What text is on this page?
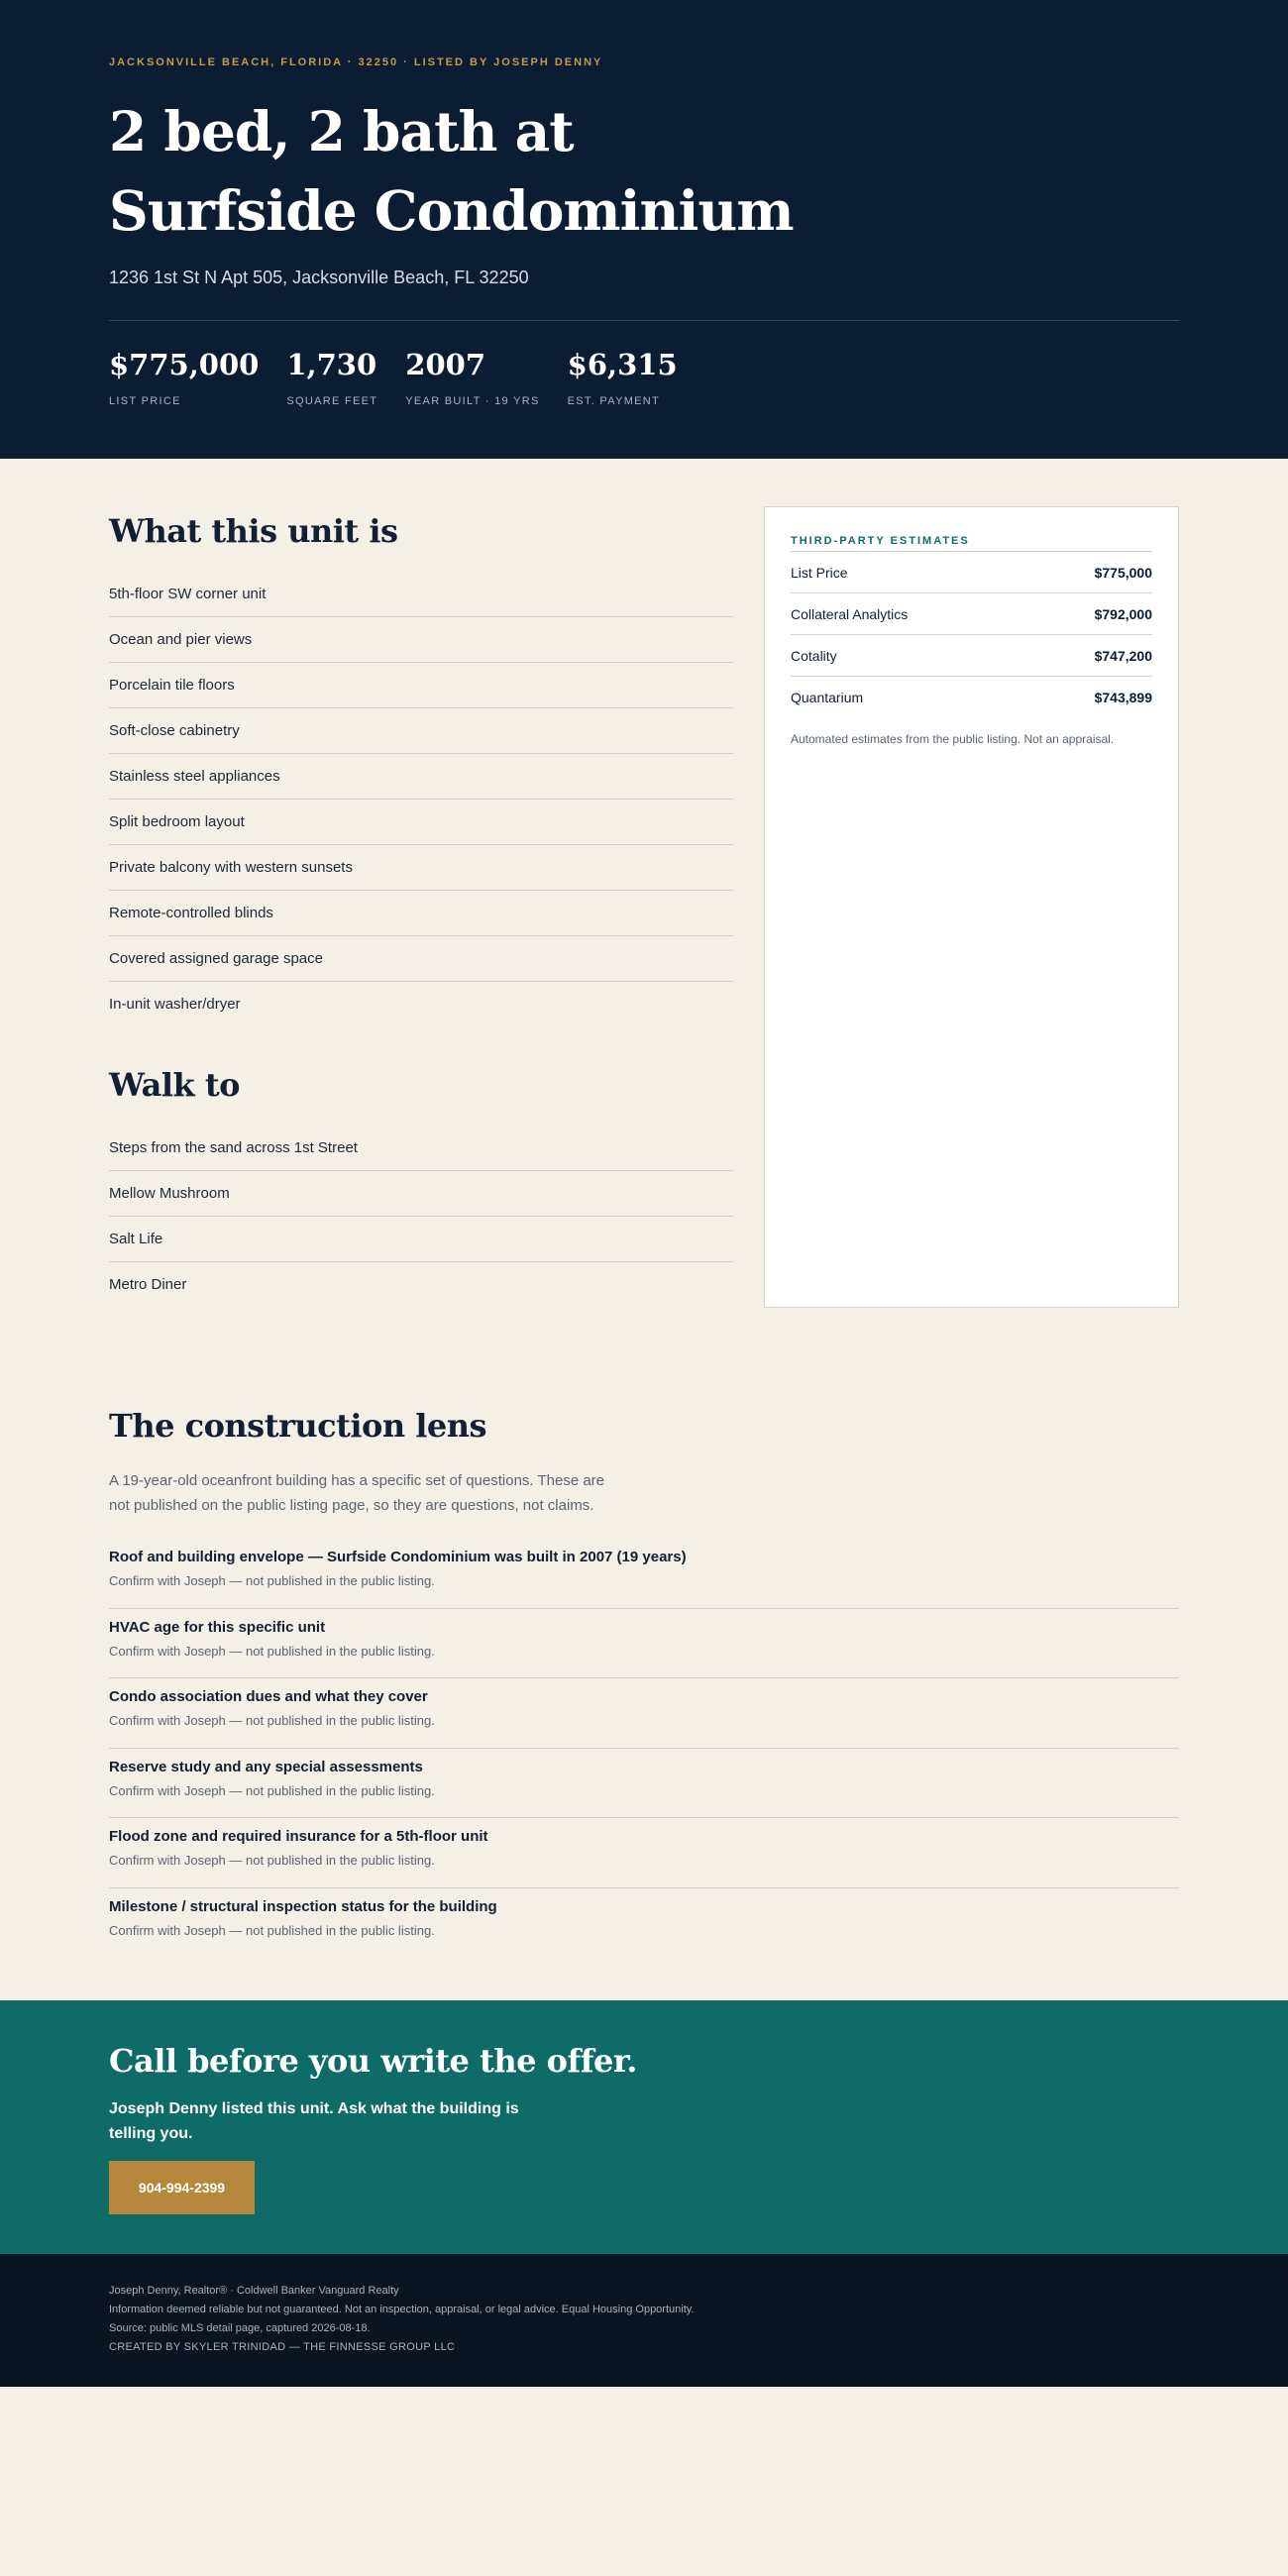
JACKSONVILLE BEACH, FLORIDA · 32250 · LISTED BY JOSEPH DENNY
2 bed, 2 bath at Surfside Condominium
1236 1st St N Apt 505, Jacksonville Beach, FL 32250
$775,000
LIST PRICE
1,730
SQUARE FEET
2007
YEAR BUILT · 19 YRS
$6,315
EST. PAYMENT
What this unit is
5th-floor SW corner unit
Ocean and pier views
Porcelain tile floors
Soft-close cabinetry
Stainless steel appliances
Split bedroom layout
Private balcony with western sunsets
Remote-controlled blinds
Covered assigned garage space
In-unit washer/dryer
Walk to
Steps from the sand across 1st Street
Mellow Mushroom
Salt Life
Metro Diner
THIRD-PARTY ESTIMATES
List Price	$775,000
Collateral Analytics	$792,000
Cotality	$747,200
Quantarium	$743,899

Automated estimates from the public listing. Not an appraisal.

The construction lens

A 19-year-old oceanfront building has a specific set of questions. These are not published on the public listing page, so they are questions, not claims.

Roof and building envelope — Surfside Condominium was built in 2007 (19 years)
Confirm with Joseph — not published in the public listing.
HVAC age for this specific unit
Confirm with Joseph — not published in the public listing.
Condo association dues and what they cover
Confirm with Joseph — not published in the public listing.
Reserve study and any special assessments
Confirm with Joseph — not published in the public listing.
Flood zone and required insurance for a 5th-floor unit
Confirm with Joseph — not published in the public listing.
Milestone / structural inspection status for the building
Confirm with Joseph — not published in the public listing.
Call before you write the offer.

Joseph Denny listed this unit. Ask what the building is telling you.

904-994-2399

Joseph Denny, Realtor® · Coldwell Banker Vanguard Realty

Information deemed reliable but not guaranteed. Not an inspection, appraisal, or legal advice. Equal Housing Opportunity.

Source: public MLS detail page, captured 2026-08-18.

CREATED BY SKYLER TRINIDAD — THE FINNESSE GROUP LLC
